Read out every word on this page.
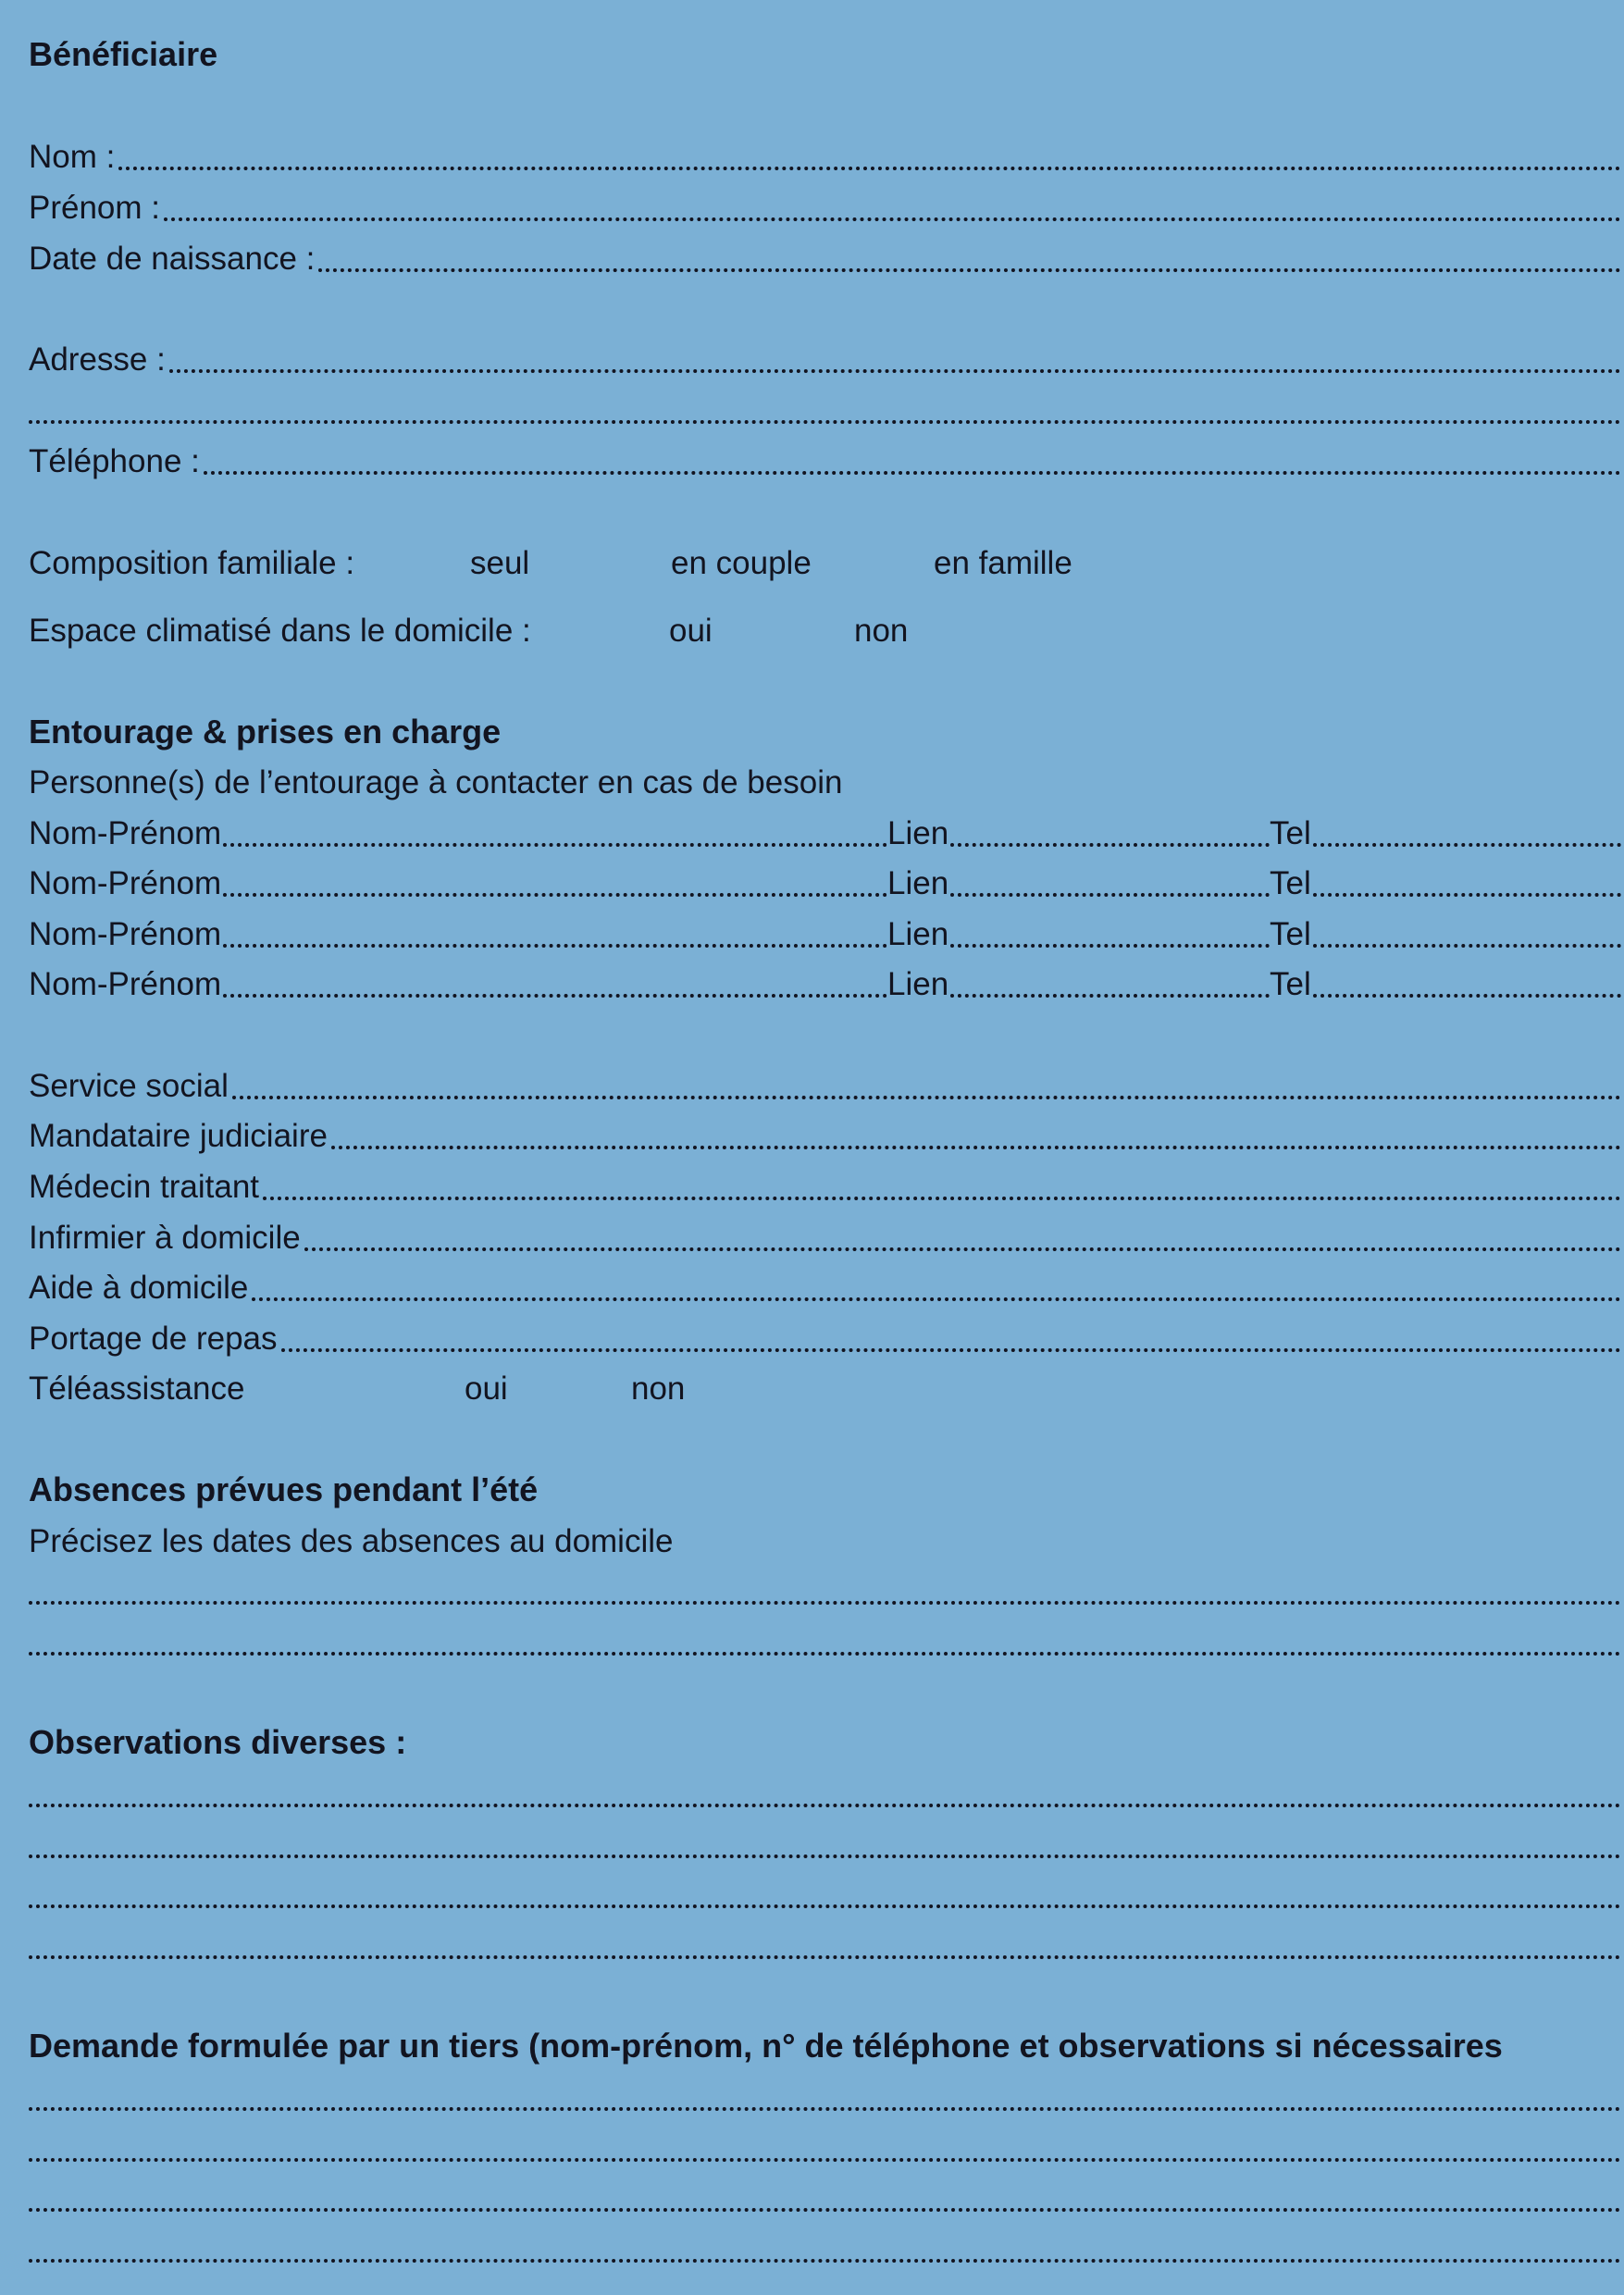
Bénéficiaire
Nom :
Prénom :
Date de naissance :
Adresse :
Téléphone :
Composition familiale :	seul	en couple	en famille
Espace climatisé dans le domicile :	oui	non
Entourage & prises en charge
Personne(s) de l’entourage à contacter en cas de besoin
Nom-Prénom	Lien	Tel
Nom-Prénom	Lien	Tel
Nom-Prénom	Lien	Tel
Nom-Prénom	Lien	Tel
Service social
Mandataire judiciaire
Médecin traitant
Infirmier à domicile
Aide à domicile
Portage de repas
Téléassistance	oui	non
Absences prévues pendant l’été
Précisez les dates des absences au domicile
Observations diverses :
Demande formulée par un tiers (nom-prénom, n° de téléphone et observations si nécessaires
